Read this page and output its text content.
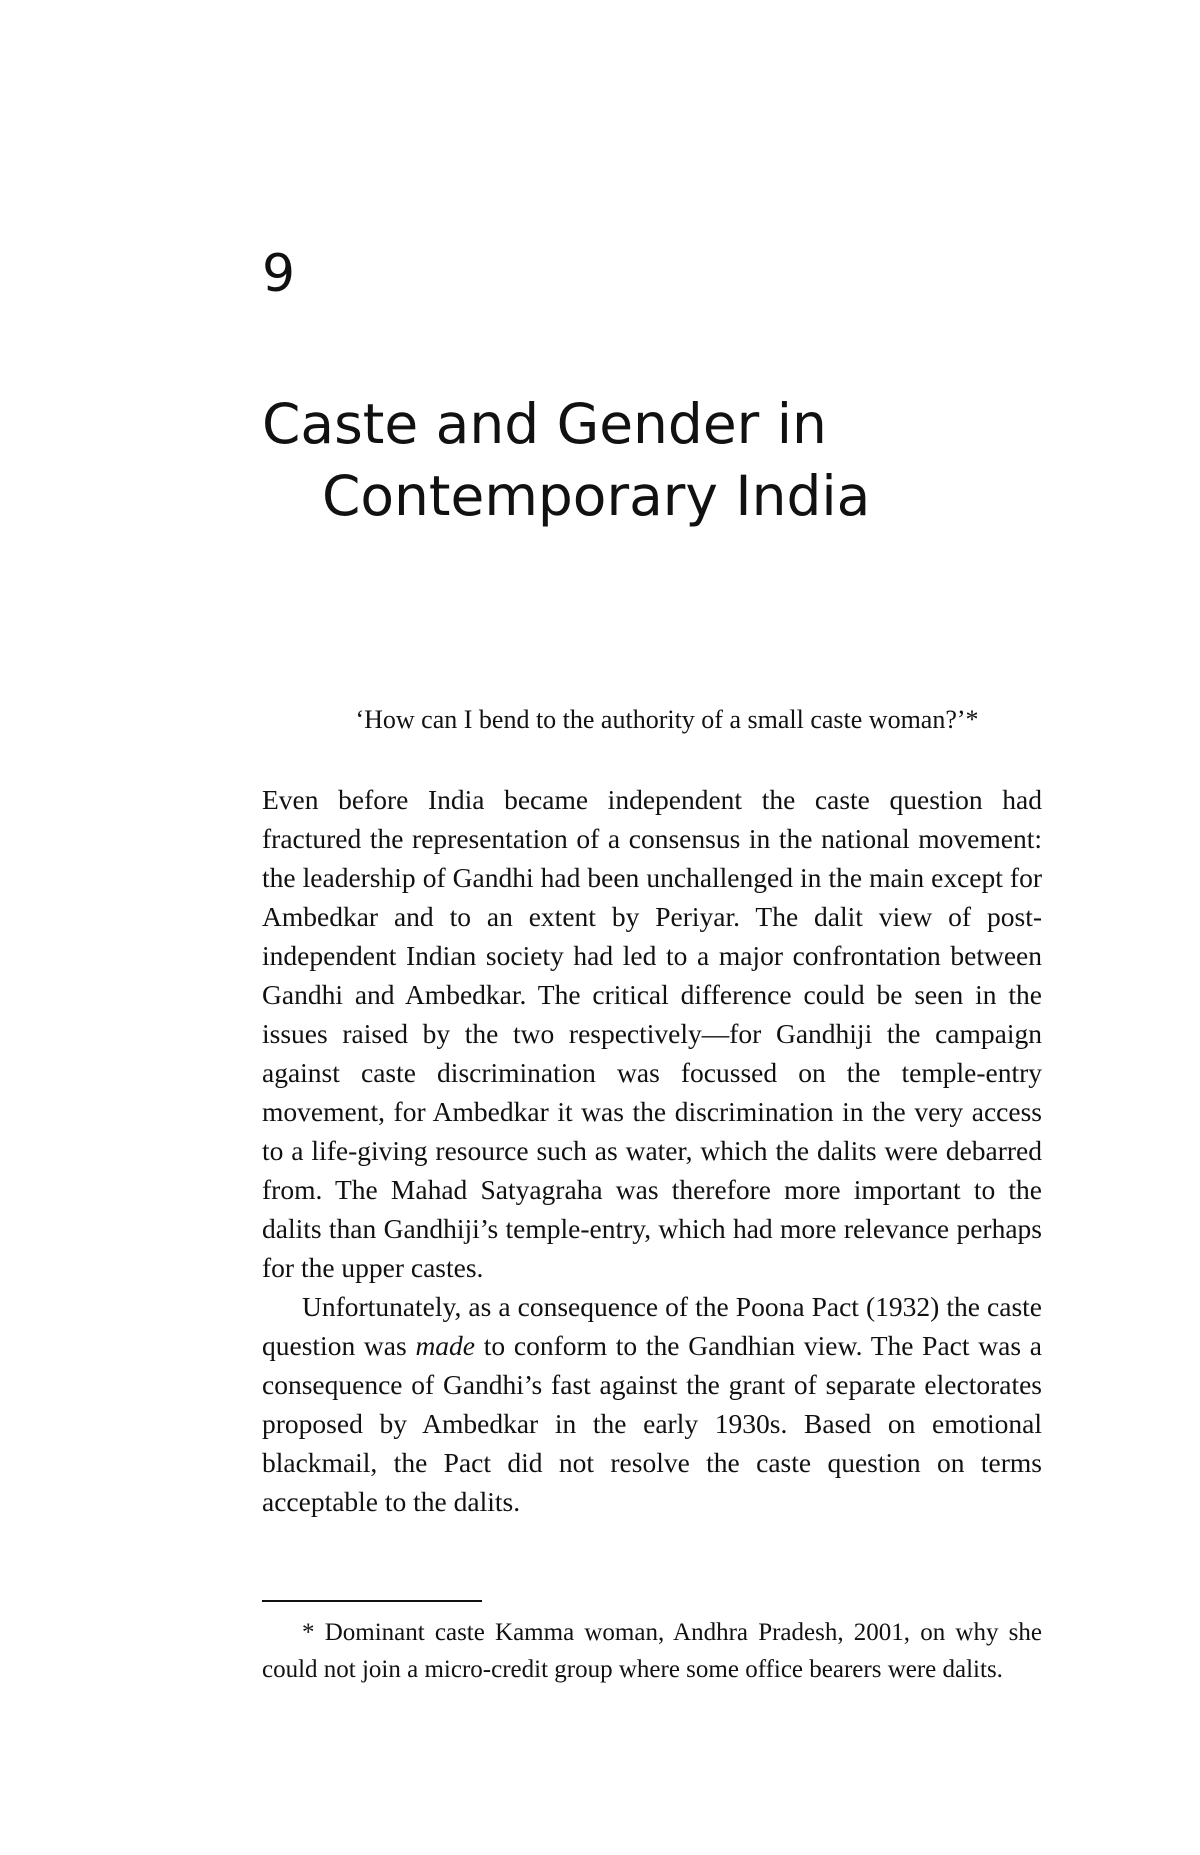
9
Caste and Gender in
Contemporary India
‘How can I bend to the authority of a small caste woman?’*

Even before India became independent the caste question had fractured the representation of a consensus in the national movement: the leadership of Gandhi had been unchallenged in the main except for Ambedkar and to an extent by Periyar. The dalit view of post-independent Indian society had led to a major confrontation between Gandhi and Ambedkar. The critical difference could be seen in the issues raised by the two respectively—for Gandhiji the campaign against caste discrimination was focussed on the temple-entry movement, for Ambedkar it was the discrimination in the very access to a life-giving resource such as water, which the dalits were debarred from. The Mahad Satyagraha was therefore more important to the dalits than Gandhiji’s temple-entry, which had more relevance perhaps for the upper castes.

Unfortunately, as a consequence of the Poona Pact (1932) the caste question was made to conform to the Gandhian view. The Pact was a consequence of Gandhi’s fast against the grant of separate electorates proposed by Ambedkar in the early 1930s. Based on emotional blackmail, the Pact did not resolve the caste question on terms acceptable to the dalits.

* Dominant caste Kamma woman, Andhra Pradesh, 2001, on why she could not join a micro-credit group where some office bearers were dalits.
